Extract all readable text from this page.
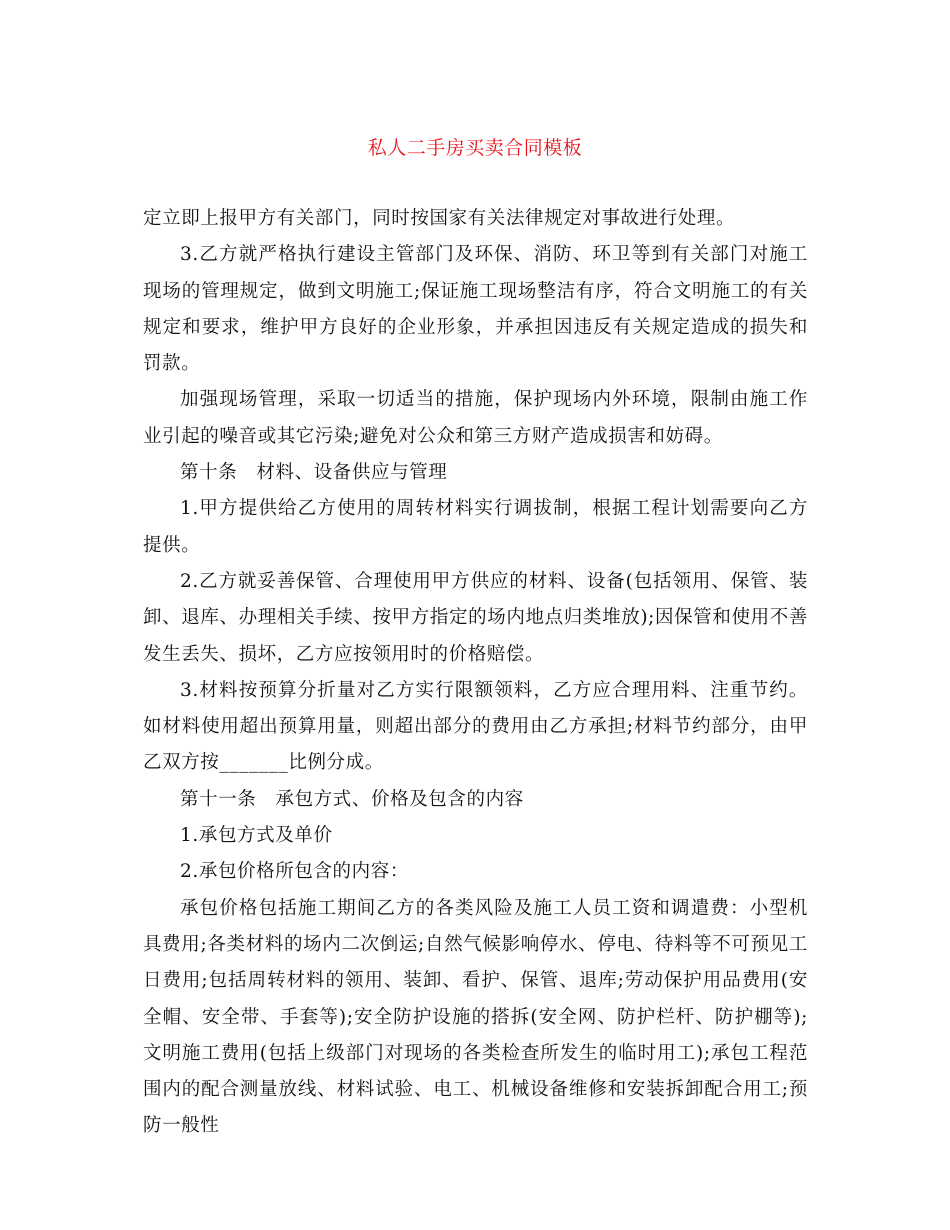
私人二手房买卖合同模板

定立即上报甲方有关部门，同时按国家有关法律规定对事故进行处理。

3.乙方就严格执行建设主管部门及环保、消防、环卫等到有关部门对施工现场的管理规定，做到文明施工;保证施工现场整洁有序，符合文明施工的有关规定和要求，维护甲方良好的企业形象，并承担因违反有关规定造成的损失和罚款。

加强现场管理，采取一切适当的措施，保护现场内外环境，限制由施工作业引起的噪音或其它污染;避免对公众和第三方财产造成损害和妨碍。

第十条　材料、设备供应与管理

1.甲方提供给乙方使用的周转材料实行调拔制，根据工程计划需要向乙方提供。

2.乙方就妥善保管、合理使用甲方供应的材料、设备(包括领用、保管、装卸、退库、办理相关手续、按甲方指定的场内地点归类堆放);因保管和使用不善发生丢失、损坏，乙方应按领用时的价格赔偿。

3.材料按预算分折量对乙方实行限额领料，乙方应合理用料、注重节约。如材料使用超出预算用量，则超出部分的费用由乙方承担;材料节约部分，由甲乙双方按_______比例分成。

第十一条　承包方式、价格及包含的内容

1.承包方式及单价

2.承包价格所包含的内容：

承包价格包括施工期间乙方的各类风险及施工人员工资和调遣费：小型机具费用;各类材料的场内二次倒运;自然气候影响停水、停电、待料等不可预见工日费用;包括周转材料的领用、装卸、看护、保管、退库;劳动保护用品费用(安全帽、安全带、手套等);安全防护设施的搭拆(安全网、防护栏杆、防护棚等);文明施工费用(包括上级部门对现场的各类检查所发生的临时用工);承包工程范围内的配合测量放线、材料试验、电工、机械设备维修和安装拆卸配合用工;预防一般性
